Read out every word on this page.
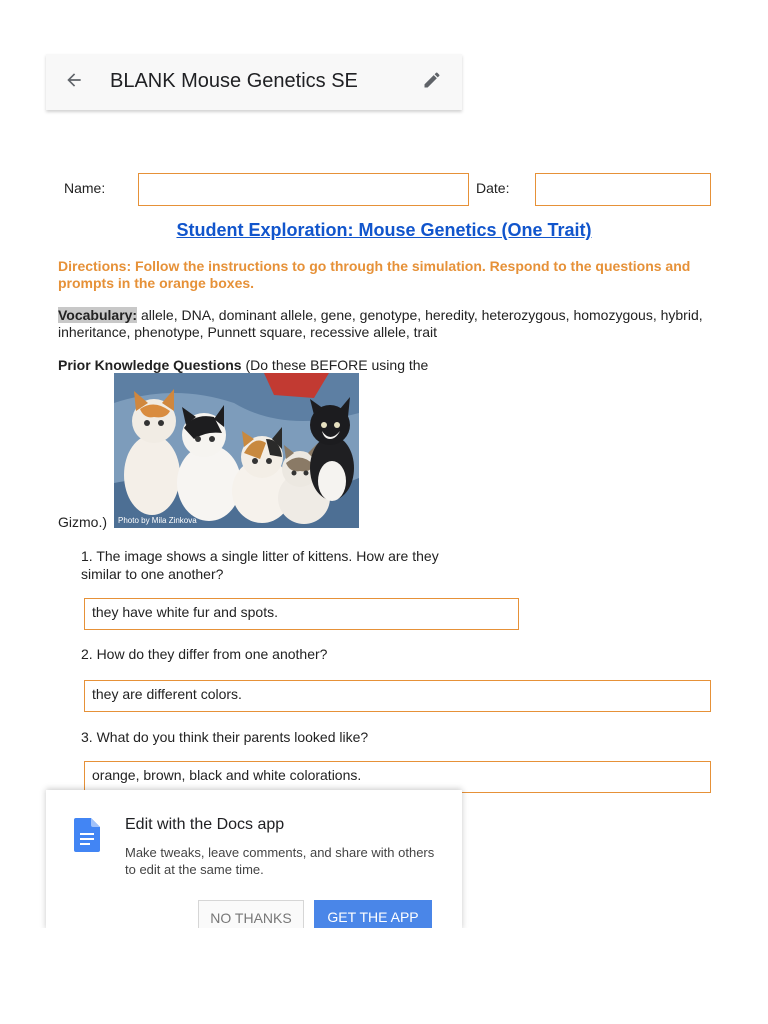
BLANK Mouse Genetics SE
Name:	Date:
Student Exploration: Mouse Genetics (One Trait)
Directions: Follow the instructions to go through the simulation. Respond to the questions and prompts in the orange boxes.
Vocabulary: allele, DNA, dominant allele, gene, genotype, heredity, heterozygous, homozygous, hybrid, inheritance, phenotype, Punnett square, recessive allele, trait
Prior Knowledge Questions (Do these BEFORE using the
Photo by Mila Zinkova
Gizmo.)
1. The image shows a single litter of kittens. How are they similar to one another?
they have white fur and spots.
2. How do they differ from one another?
they are different colors.
3. What do you think their parents looked like?
orange, brown, black and white colorations.
Edit with the Docs app
Make tweaks, leave comments, and share with others to edit at the same time.
NO THANKS	GET THE APP
